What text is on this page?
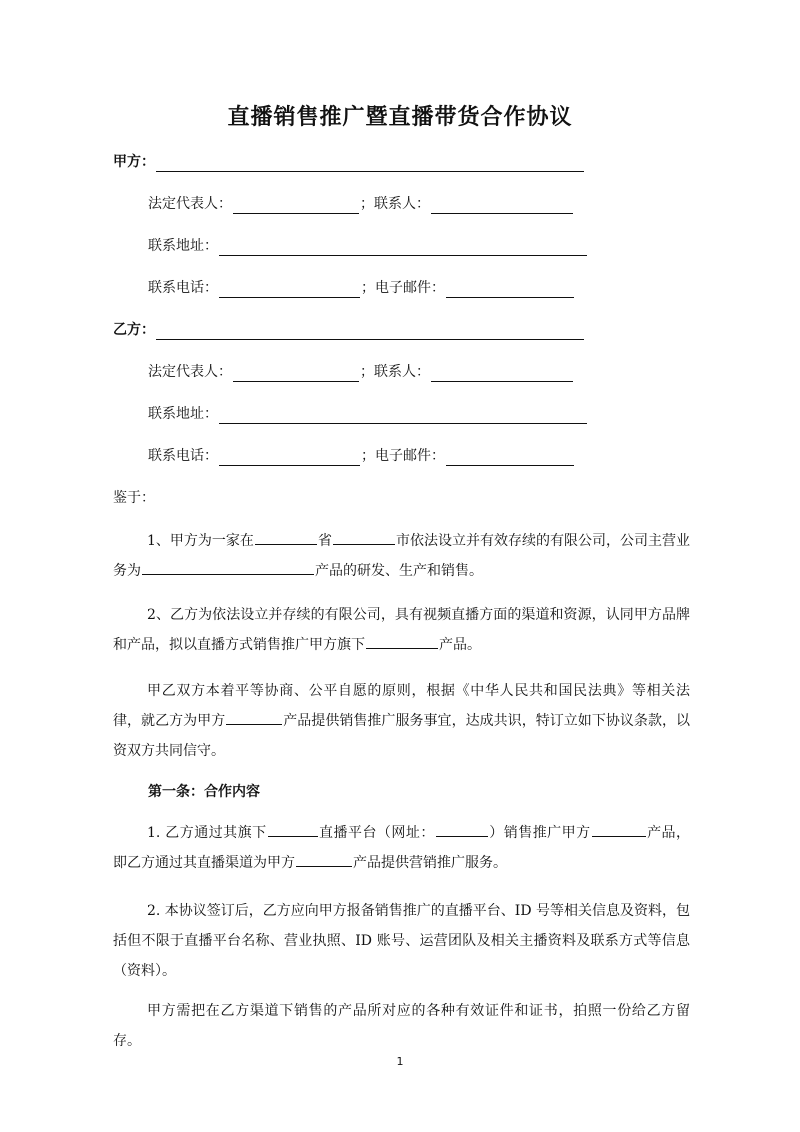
直播销售推广暨直播带货合作协议
甲方：
法定代表人：	； 联系人：
联系地址：
联系电话：	； 电子邮件：
乙方：
法定代表人：	； 联系人：
联系地址：
联系电话：	； 电子邮件：
鉴于：

1、甲方为一家在	省	市依法设立并有效存续的有限公司，公司主营业务为	产品的研发、生产和销售。

2、乙方为依法设立并存续的有限公司，具有视频直播方面的渠道和资源，认同甲方品牌和产品，拟以直播方式销售推广甲方旗下	产品。

甲乙双方本着平等协商、公平自愿的原则，根据《中华人民共和国民法典》等相关法律，就乙方为甲方	产品提供销售推广服务事宜，达成共识，特订立如下协议条款，以资双方共同信守。

第一条：合作内容

1. 乙方通过其旗下	直播平台（网址：	）销售推广甲方	产品，即乙方通过其直播渠道为甲方	产品提供营销推广服务。

2. 本协议签订后，乙方应向甲方报备销售推广的直播平台、ID 号等相关信息及资料，包括但不限于直播平台名称、营业执照、ID 账号、运营团队及相关主播资料及联系方式等信息（资料）。

甲方需把在乙方渠道下销售的产品所对应的各种有效证件和证书，拍照一份给乙方留存。

1
